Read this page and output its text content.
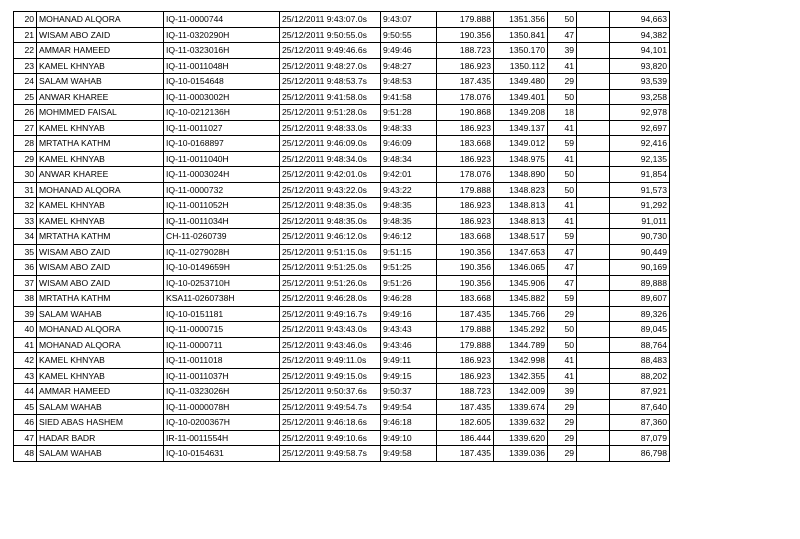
20	MOHANAD ALQORA	IQ-11-0000744	25/12/2011 9:43:07.0s	9:43:07	179.888	1351.356	50		94,663
21	WISAM ABO ZAID	IQ-11-0320290H	25/12/2011 9:50:55.0s	9:50:55	190.356	1350.841	47		94,382
22	AMMAR HAMEED	IQ-11-0323016H	25/12/2011 9:49:46.6s	9:49:46	188.723	1350.170	39		94,101
23	KAMEL KHNYAB	IQ-11-0011048H	25/12/2011 9:48:27.0s	9:48:27	186.923	1350.112	41		93,820
24	SALAM WAHAB	IQ-10-0154648	25/12/2011 9:48:53.7s	9:48:53	187.435	1349.480	29		93,539
25	ANWAR KHAREE	IQ-11-0003002H	25/12/2011 9:41:58.0s	9:41:58	178.076	1349.401	50		93,258
26	MOHMMED FAISAL	IQ-10-0212136H	25/12/2011 9:51:28.0s	9:51:28	190.868	1349.208	18		92,978
27	KAMEL KHNYAB	IQ-11-0011027	25/12/2011 9:48:33.0s	9:48:33	186.923	1349.137	41		92,697
28	MRTATHA KATHM	IQ-10-0168897	25/12/2011 9:46:09.0s	9:46:09	183.668	1349.012	59		92,416
29	KAMEL KHNYAB	IQ-11-0011040H	25/12/2011 9:48:34.0s	9:48:34	186.923	1348.975	41		92,135
30	ANWAR KHAREE	IQ-11-0003024H	25/12/2011 9:42:01.0s	9:42:01	178.076	1348.890	50		91,854
31	MOHANAD ALQORA	IQ-11-0000732	25/12/2011 9:43:22.0s	9:43:22	179.888	1348.823	50		91,573
32	KAMEL KHNYAB	IQ-11-0011052H	25/12/2011 9:48:35.0s	9:48:35	186.923	1348.813	41		91,292
33	KAMEL KHNYAB	IQ-11-0011034H	25/12/2011 9:48:35.0s	9:48:35	186.923	1348.813	41		91,011
34	MRTATHA KATHM	CH-11-0260739	25/12/2011 9:46:12.0s	9:46:12	183.668	1348.517	59		90,730
35	WISAM ABO ZAID	IQ-11-0279028H	25/12/2011 9:51:15.0s	9:51:15	190.356	1347.653	47		90,449
36	WISAM ABO ZAID	IQ-10-0149659H	25/12/2011 9:51:25.0s	9:51:25	190.356	1346.065	47		90,169
37	WISAM ABO ZAID	IQ-10-0253710H	25/12/2011 9:51:26.0s	9:51:26	190.356	1345.906	47		89,888
38	MRTATHA KATHM	KSA11-0260738H	25/12/2011 9:46:28.0s	9:46:28	183.668	1345.882	59		89,607
39	SALAM WAHAB	IQ-10-0151181	25/12/2011 9:49:16.7s	9:49:16	187.435	1345.766	29		89,326
40	MOHANAD ALQORA	IQ-11-0000715	25/12/2011 9:43:43.0s	9:43:43	179.888	1345.292	50		89,045
41	MOHANAD ALQORA	IQ-11-0000711	25/12/2011 9:43:46.0s	9:43:46	179.888	1344.789	50		88,764
42	KAMEL KHNYAB	IQ-11-0011018	25/12/2011 9:49:11.0s	9:49:11	186.923	1342.998	41		88,483
43	KAMEL KHNYAB	IQ-11-0011037H	25/12/2011 9:49:15.0s	9:49:15	186.923	1342.355	41		88,202
44	AMMAR HAMEED	IQ-11-0323026H	25/12/2011 9:50:37.6s	9:50:37	188.723	1342.009	39		87,921
45	SALAM WAHAB	IQ-11-0000078H	25/12/2011 9:49:54.7s	9:49:54	187.435	1339.674	29		87,640
46	SIED ABAS HASHEM	IQ-10-0200367H	25/12/2011 9:46:18.6s	9:46:18	182.605	1339.632	29		87,360
47	HADAR BADR	IR-11-0011554H	25/12/2011 9:49:10.6s	9:49:10	186.444	1339.620	29		87,079
48	SALAM WAHAB	IQ-10-0154631	25/12/2011 9:49:58.7s	9:49:58	187.435	1339.036	29		86,798
